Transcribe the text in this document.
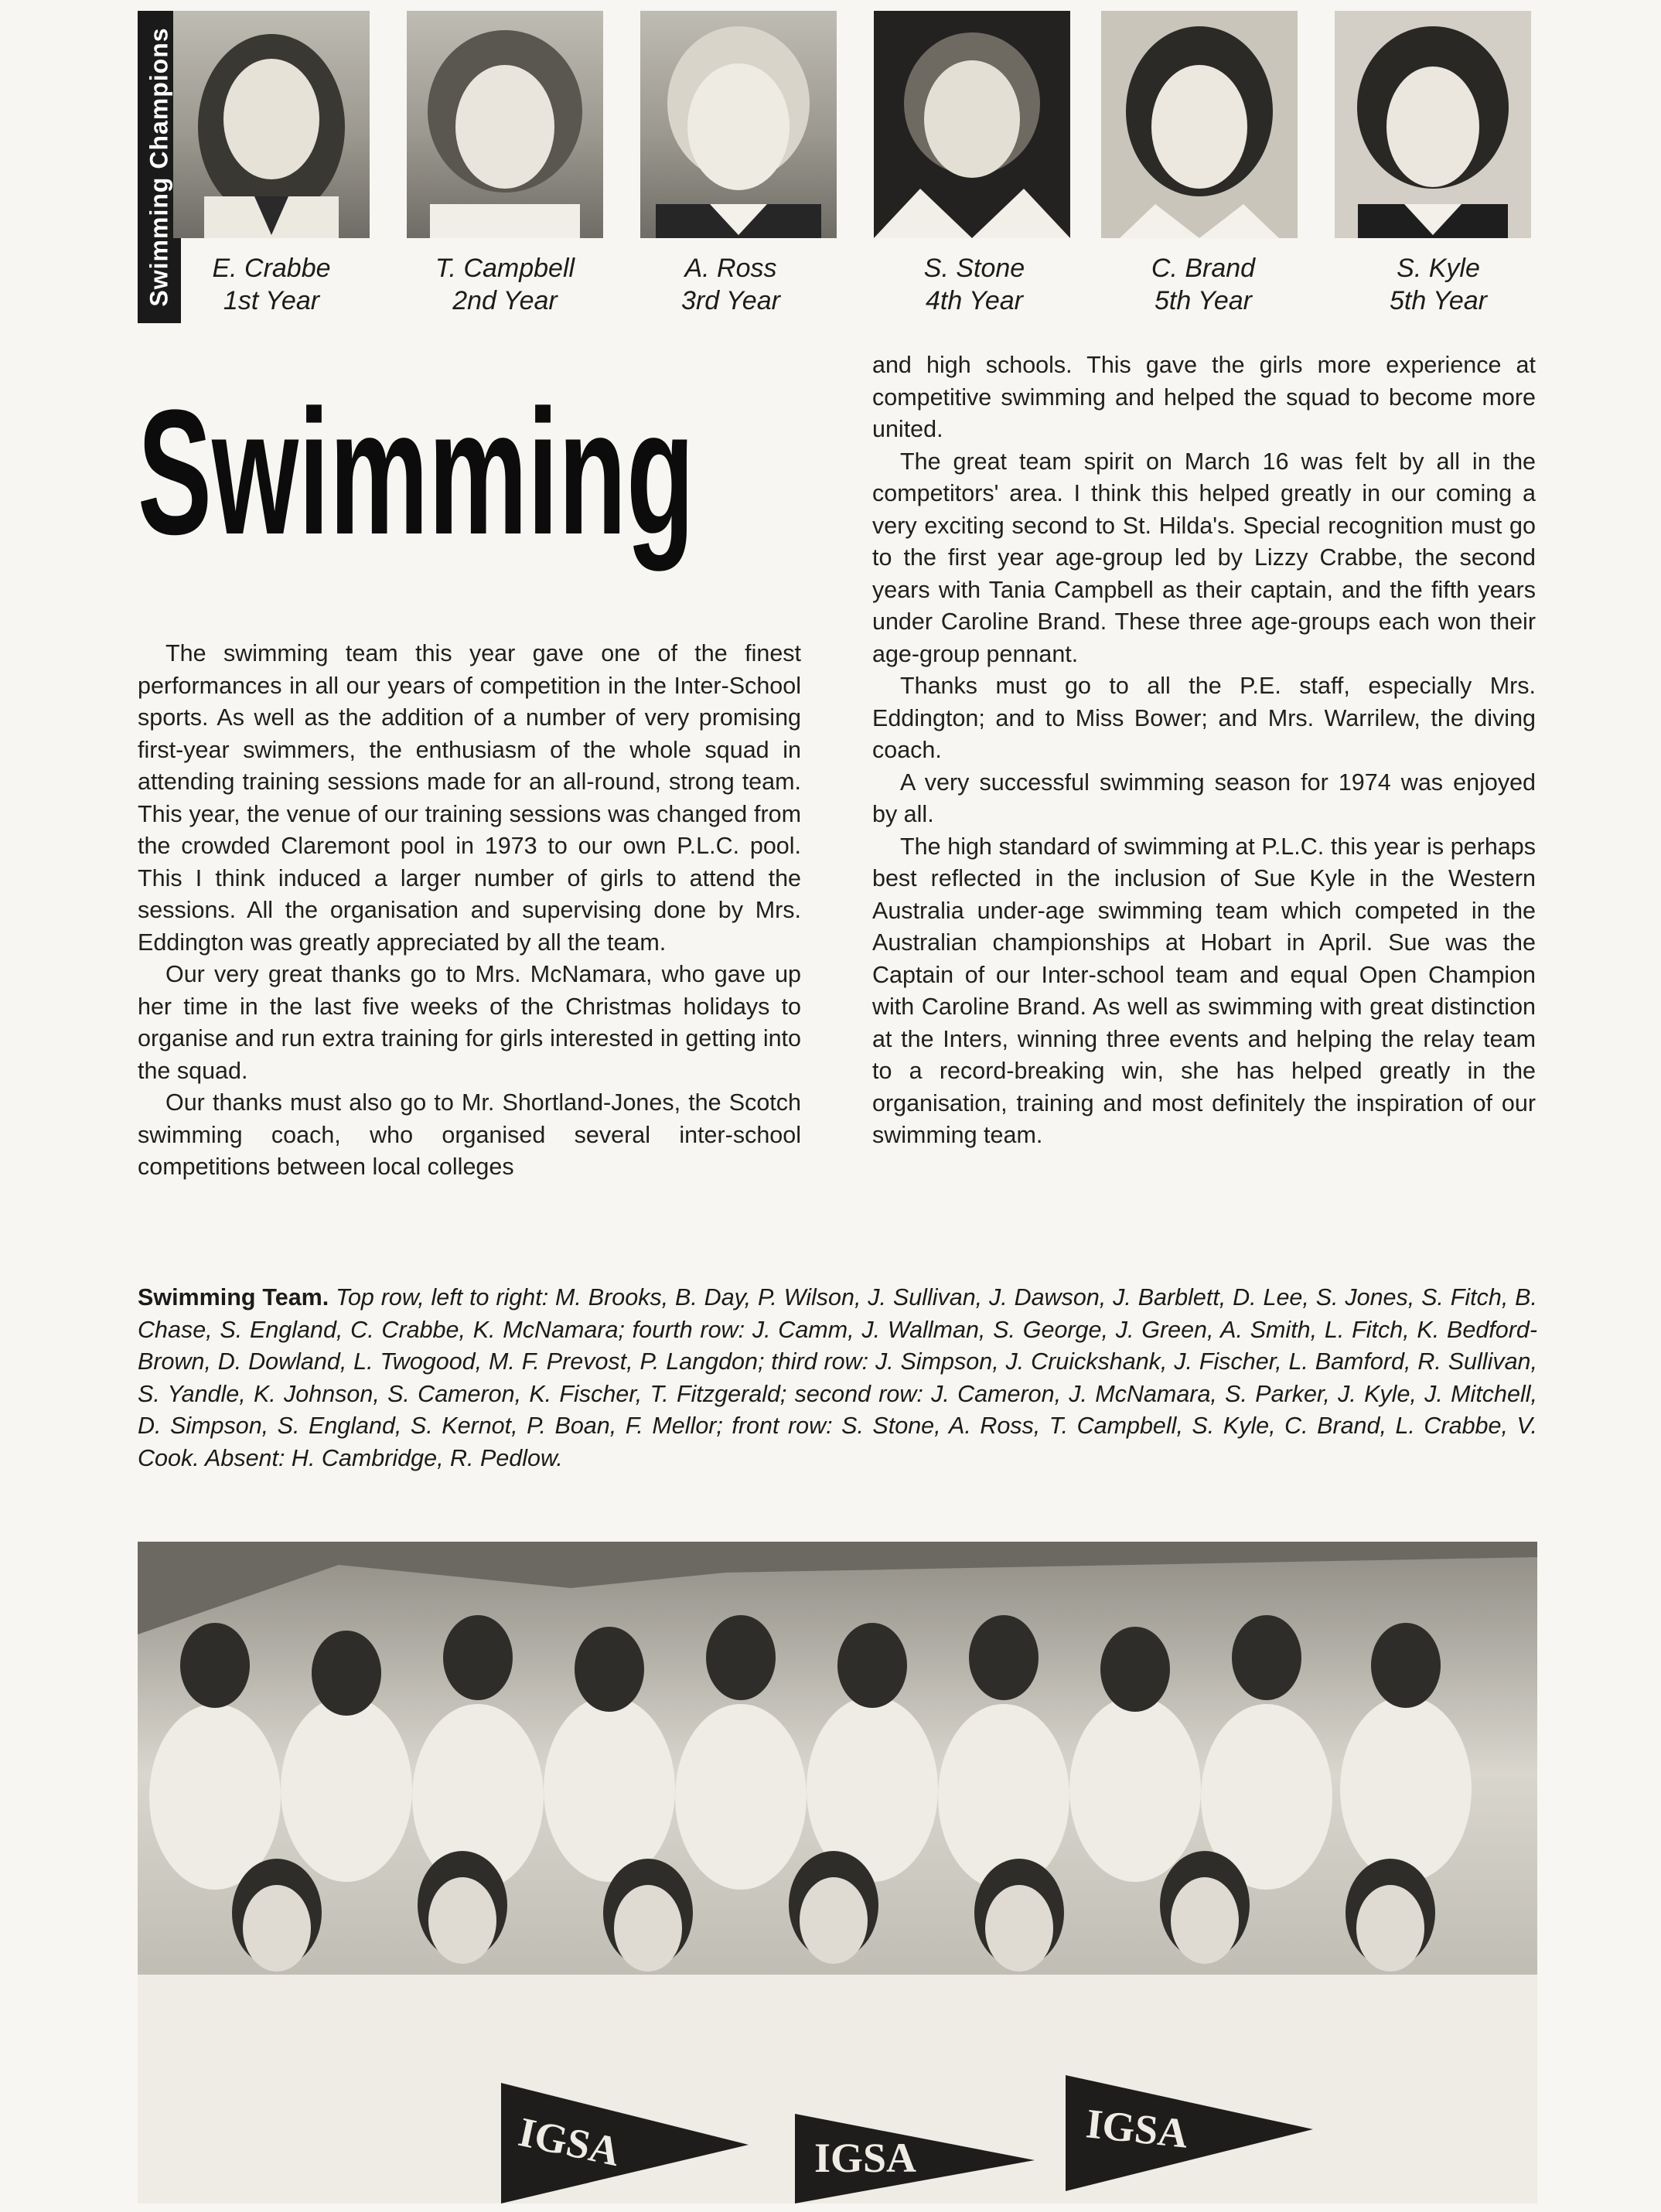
Swimming Champions	E. Crabbe
1st Year
T. Campbell
2nd Year
A. Ross
3rd Year
S. Stone
4th Year
C. Brand
5th Year
S. Kyle
5th Year
Swimming

The swimming team this year gave one of the finest performances in all our years of competition in the Inter-School sports. As well as the addition of a number of very promising first-year swimmers, the enthusiasm of the whole squad in attending training sessions made for an all-round, strong team. This year, the venue of our training sessions was changed from the crowded Claremont pool in 1973 to our own P.L.C. pool. This I think induced a larger number of girls to attend the sessions. All the organisation and supervising done by Mrs. Eddington was greatly appreciated by all the team.

Our very great thanks go to Mrs. McNamara, who gave up her time in the last five weeks of the Christmas holidays to organise and run extra training for girls interested in getting into the squad.

Our thanks must also go to Mr. Shortland-Jones, the Scotch swimming coach, who organised several inter-school competitions between local colleges

and high schools. This gave the girls more experience at competitive swimming and helped the squad to become more united.

The great team spirit on March 16 was felt by all in the competitors' area. I think this helped greatly in our coming a very exciting second to St. Hilda's. Special recognition must go to the first year age-group led by Lizzy Crabbe, the second years with Tania Campbell as their captain, and the fifth years under Caroline Brand. These three age-groups each won their age-group pennant.

Thanks must go to all the P.E. staff, especially Mrs. Eddington; and to Miss Bower; and Mrs. Warrilew, the diving coach.

A very successful swimming season for 1974 was enjoyed by all.

The high standard of swimming at P.L.C. this year is perhaps best reflected in the inclusion of Sue Kyle in the Western Australia under-age swimming team which competed in the Australian championships at Hobart in April. Sue was the Captain of our Inter-school team and equal Open Champion with Caroline Brand. As well as swimming with great distinction at the Inters, winning three events and helping the relay team to a record-breaking win, she has helped greatly in the organisation, training and most definitely the inspiration of our swimming team.

Swimming Team. Top row, left to right: M. Brooks, B. Day, P. Wilson, J. Sullivan, J. Dawson, J. Barblett, D. Lee, S. Jones, S. Fitch, B. Chase, S. England, C. Crabbe, K. McNamara; fourth row: J. Camm, J. Wallman, S. George, J. Green, A. Smith, L. Fitch, K. Bedford-Brown, D. Dowland, L. Twogood, M. F. Prevost, P. Langdon; third row: J. Simpson, J. Cruickshank, J. Fischer, L. Bamford, R. Sullivan, S. Yandle, K. Johnson, S. Cameron, K. Fischer, T. Fitzgerald; second row: J. Cameron, J. McNamara, S. Parker, J. Kyle, J. Mitchell, D. Simpson, S. England, S. Kernot, P. Boan, F. Mellor; front row: S. Stone, A. Ross, T. Campbell, S. Kyle, C. Brand, L. Crabbe, V. Cook. Absent: H. Cambridge, R. Pedlow.
IGSA	IGSA
IGSA
